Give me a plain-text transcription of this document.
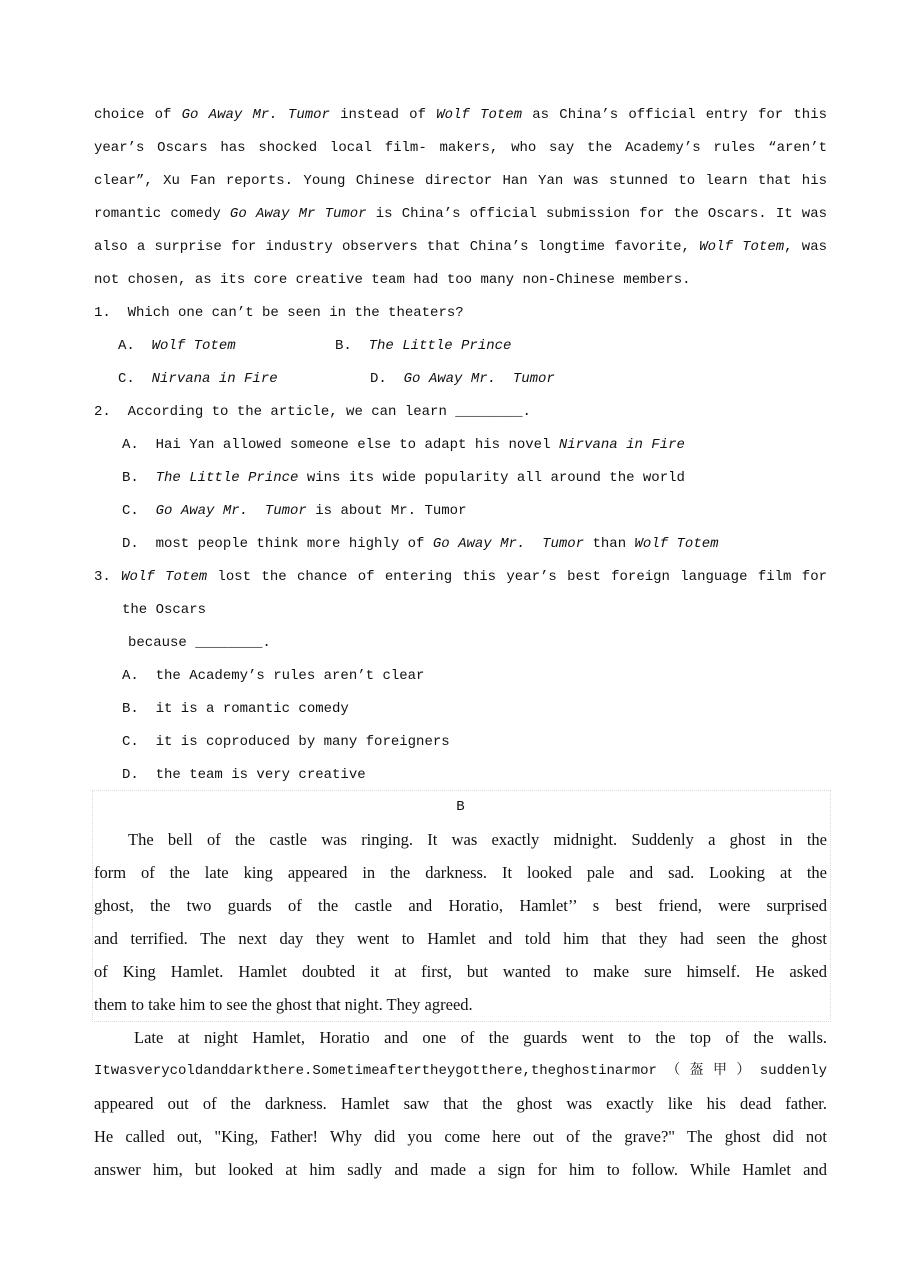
choice of Go Away Mr. Tumor instead of Wolf Totem as China’s official entry for this
year’s Oscars has shocked local film- makers, who say the Academy’s rules “aren’t
clear”, Xu Fan reports. Young Chinese director Han Yan was stunned to learn that his
romantic comedy Go Away Mr Tumor is China’s official submission for the Oscars. It was
also a surprise for industry observers that China’s longtime favorite, Wolf Totem, was
not chosen, as its core creative team had too many non-Chinese members.
1.  Which one can’t be seen in the theaters?
A.  Wolf Totem	B.  The Little Prince
C.  Nirvana in Fire	D.  Go Away Mr.  Tumor
2.  According to the article, we can learn ________.
A.  Hai Yan allowed someone else to adapt his novel Nirvana in Fire
B.  The Little Prince wins its wide popularity all around the world
C.  Go Away Mr.  Tumor is about Mr. Tumor
D.  most people think more highly of Go Away Mr.  Tumor than Wolf Totem
3. Wolf Totem lost the chance of entering this year’s best foreign language film for
the Oscars
because ________.
A.  the Academy’s rules aren’t clear
B.  it is a romantic comedy
C.  it is coproduced by many foreigners
D.  the team is very creative
B
The bell of the castle was ringing. It was exactly midnight. Suddenly a ghost in the
form of the late king appeared in the darkness. It looked pale and sad. Looking at the
ghost, the two guards of the castle and Horatio, Hamlet’’ s best friend, were surprised
and terrified. The next day they went to Hamlet and told him that they had seen the ghost
of King Hamlet. Hamlet doubted it at first, but wanted to make sure himself. He asked
them to take him to see the ghost that night. They agreed.
Late at night Hamlet, Horatio and one of the guards went to the top of the walls.
Itwasverycoldanddarkthere.Sometimeaftertheygotthere,theghostinarmor（盔甲）suddenly
appeared out of the darkness. Hamlet saw that the ghost was exactly like his dead father.
He called out, "King, Father! Why did you come here out of the grave?" The ghost did not
answer him, but looked at him sadly and made a sign for him to follow. While Hamlet and
